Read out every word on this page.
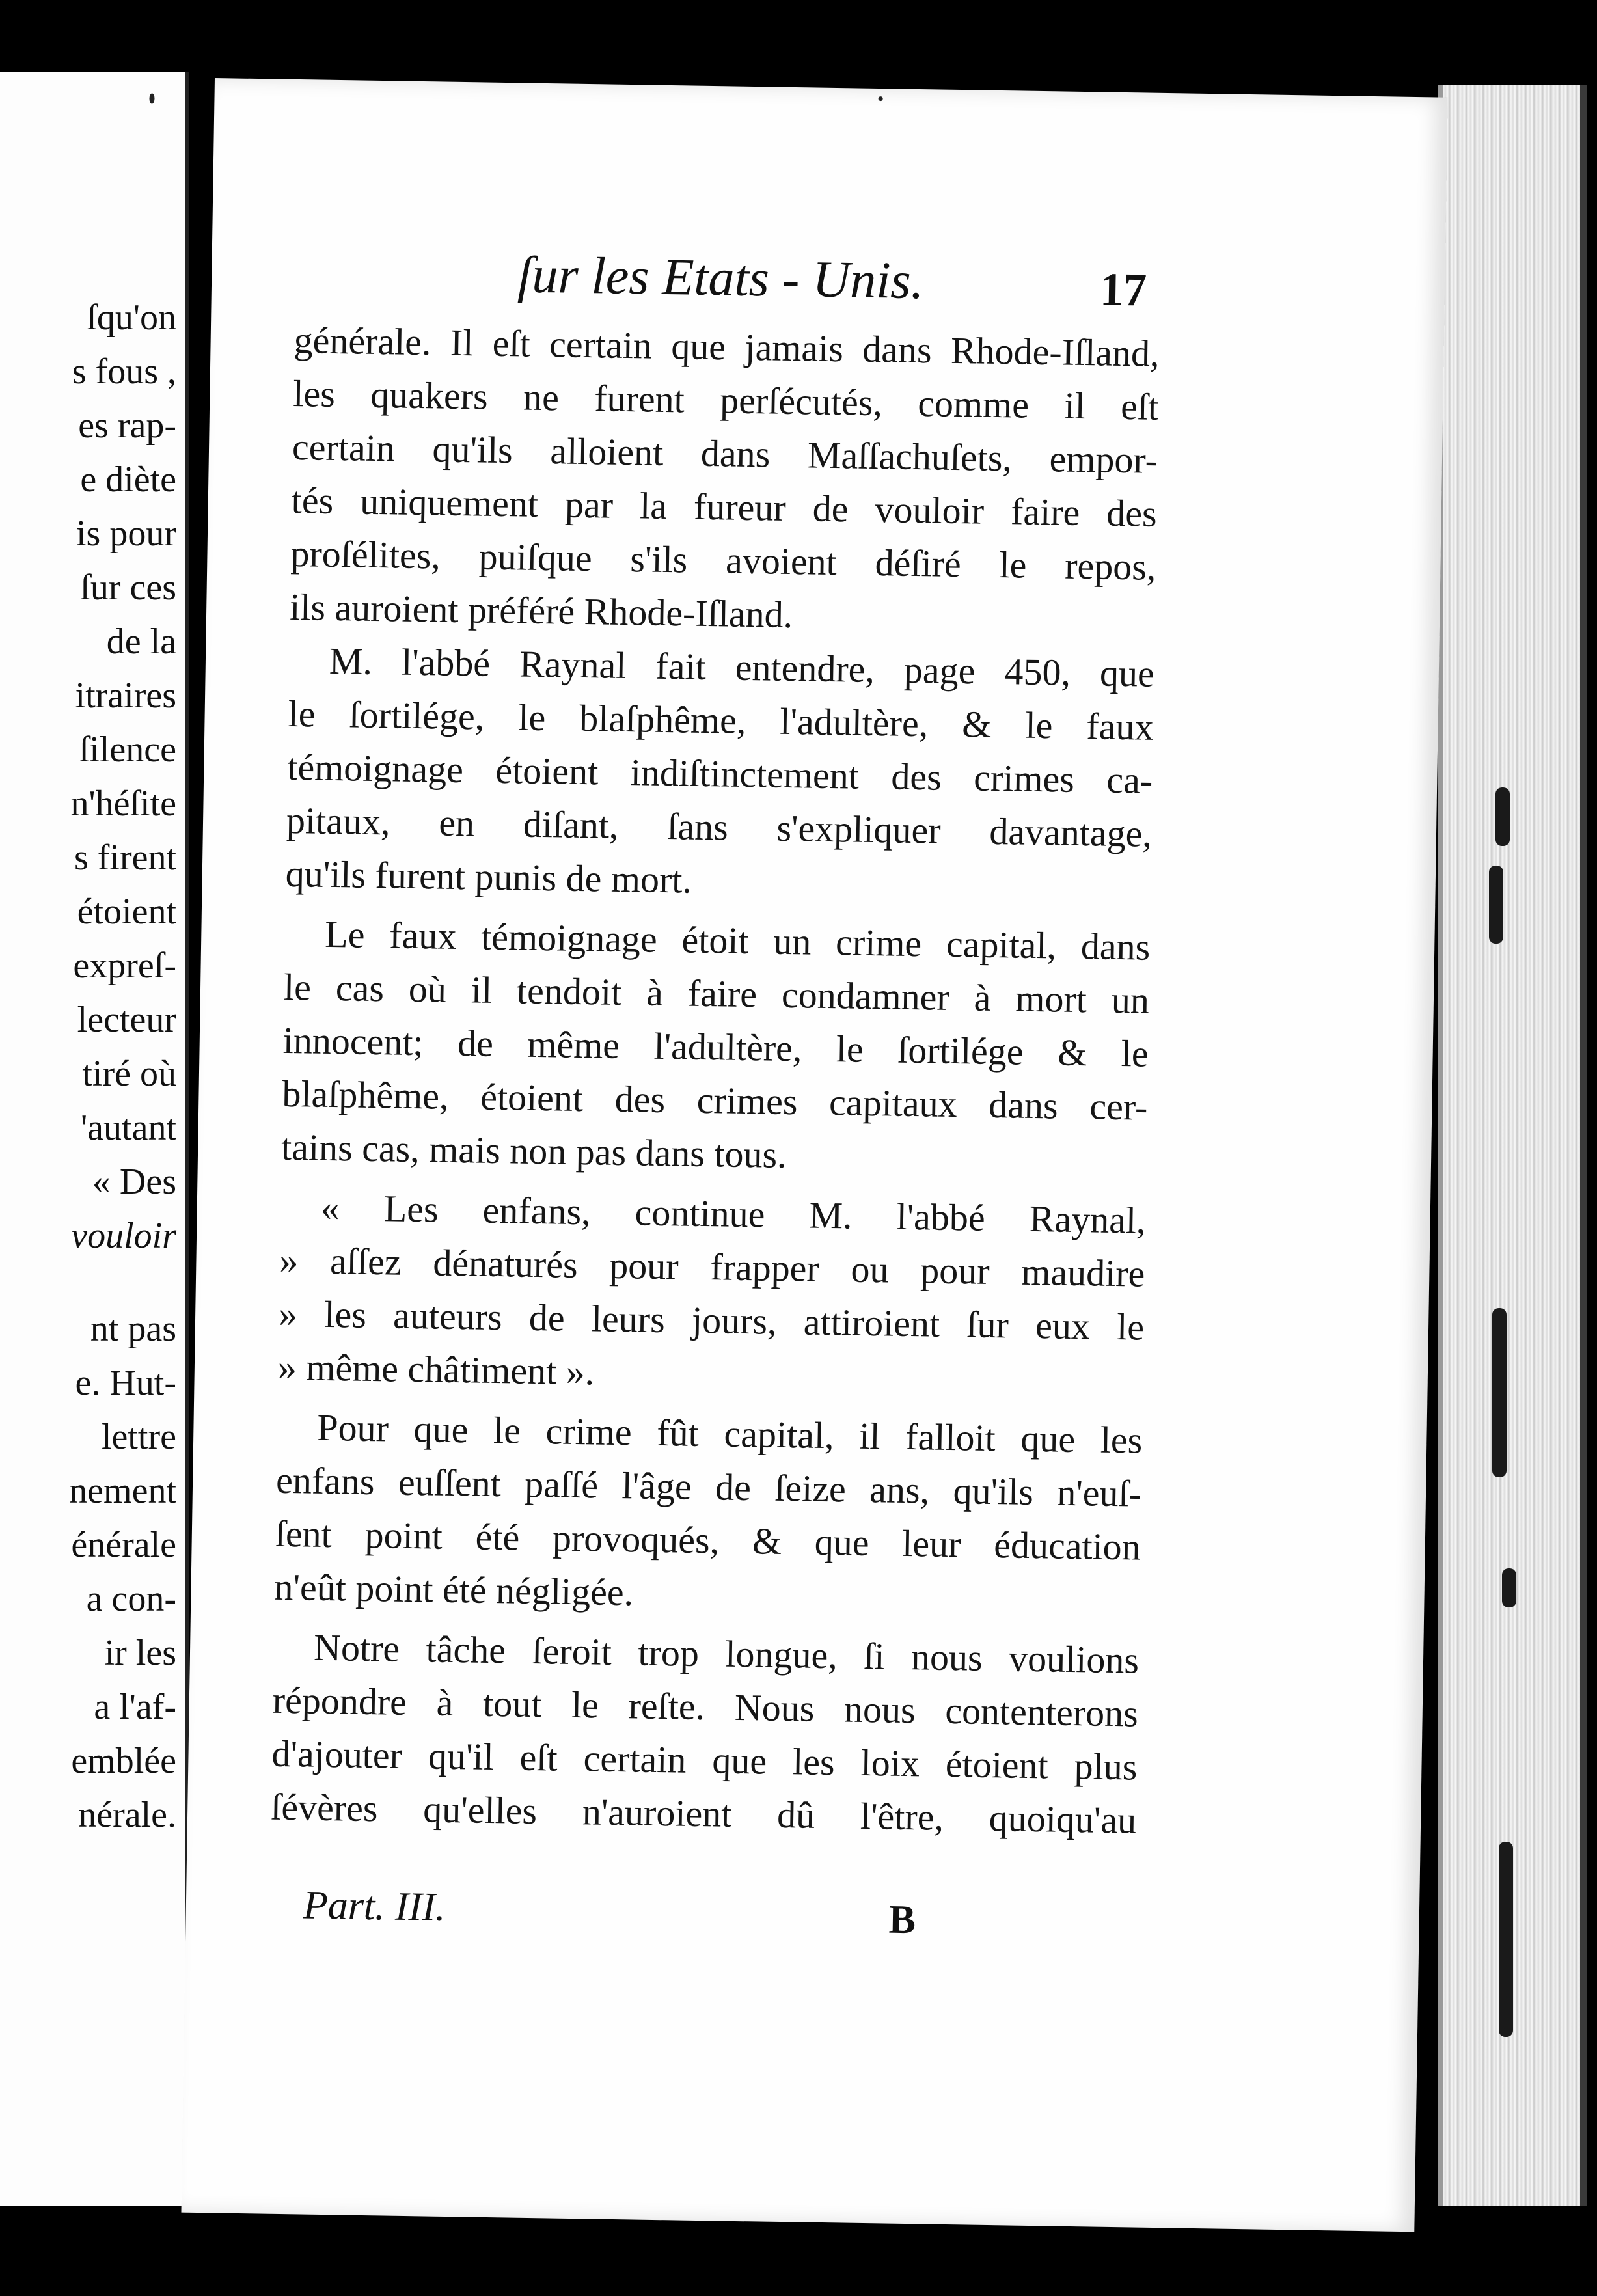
ſqu'on
s fous ,
es rap-
e diète
is pour
ſur ces
de la
itraires
ſilence
n'héſite
s firent
étoient
expreſ-
lecteur
tiré où
'autant
« Des
vouloir
nt pas
e. Hut-
lettre
nement
énérale
a con-
ir les
a l'af-
emblée
nérale.
ſur les Etats - Unis.	17
générale. Il eſt certain que jamais dans Rhode-Iſland,
les quakers ne furent perſécutés, comme il eſt
certain qu'ils alloient dans Maſſachuſets, empor-
tés uniquement par la fureur de vouloir faire des
proſélites, puiſque s'ils avoient déſiré le repos,
ils auroient préféré Rhode-Iſland.
M. l'abbé Raynal fait entendre, page 450, que
le ſortilége, le blaſphême, l'adultère, & le faux
témoignage étoient indiſtinctement des crimes ca-
pitaux, en diſant, ſans s'expliquer davantage,
qu'ils furent punis de mort.
Le faux témoignage étoit un crime capital, dans
le cas où il tendoit à faire condamner à mort un
innocent; de même l'adultère, le ſortilége & le
blaſphême, étoient des crimes capitaux dans cer-
tains cas, mais non pas dans tous.
« Les enfans, continue M. l'abbé Raynal,
» aſſez dénaturés pour frapper ou pour maudire
» les auteurs de leurs jours, attiroient ſur eux le
» même châtiment ».
Pour que le crime fût capital, il falloit que les
enfans euſſent paſſé l'âge de ſeize ans, qu'ils n'euſ-
ſent point été provoqués, & que leur éducation
n'eût point été négligée.
Notre tâche ſeroit trop longue, ſi nous voulions
répondre à tout le reſte. Nous nous contenterons
d'ajouter qu'il eſt certain que les loix étoient plus
ſévères qu'elles n'auroient dû l'être, quoiqu'au
Part. III.	B
